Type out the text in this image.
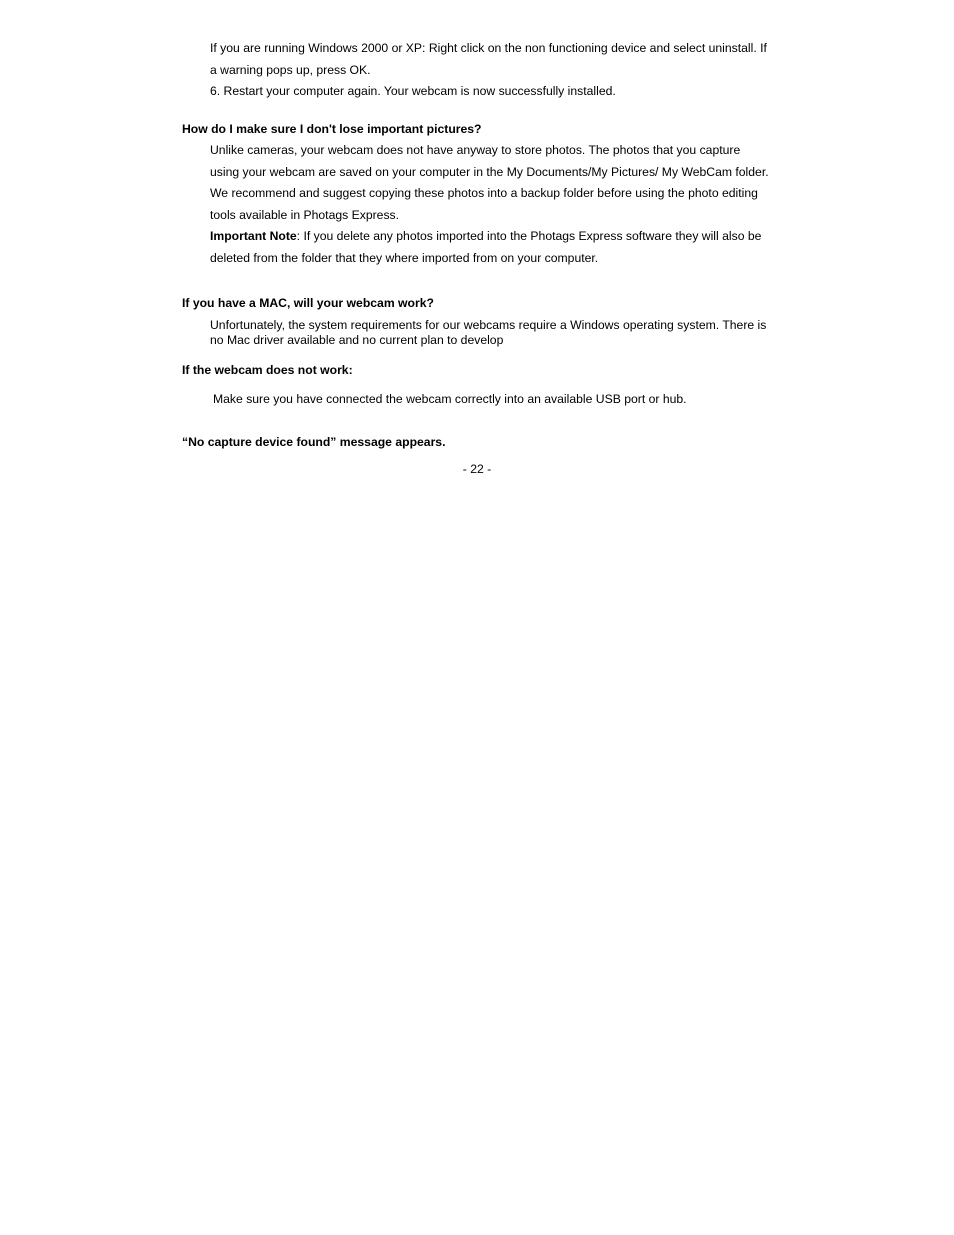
If you are running Windows 2000 or XP: Right click on the non functioning device and select uninstall. If
a warning pops up, press OK.
6. Restart your computer again. Your webcam is now successfully installed.
How do I make sure I don't lose important pictures?
Unlike cameras, your webcam does not have anyway to store photos. The photos that you capture
using your webcam are saved on your computer in the My Documents/My Pictures/ My WebCam folder.
We recommend and suggest copying these photos into a backup folder before using the photo editing
tools available in Photags Express.
Important Note: If you delete any photos imported into the Photags Express software they will also be
deleted from the folder that they where imported from on your computer.
If you have a MAC, will your webcam work?
Unfortunately, the system requirements for our webcams require a Windows operating system. There is
no Mac driver available and no current plan to develop
If the webcam does not work:
Make sure you have connected the webcam correctly into an available USB port or hub.
“No capture device found” message appears.
- 22 -
